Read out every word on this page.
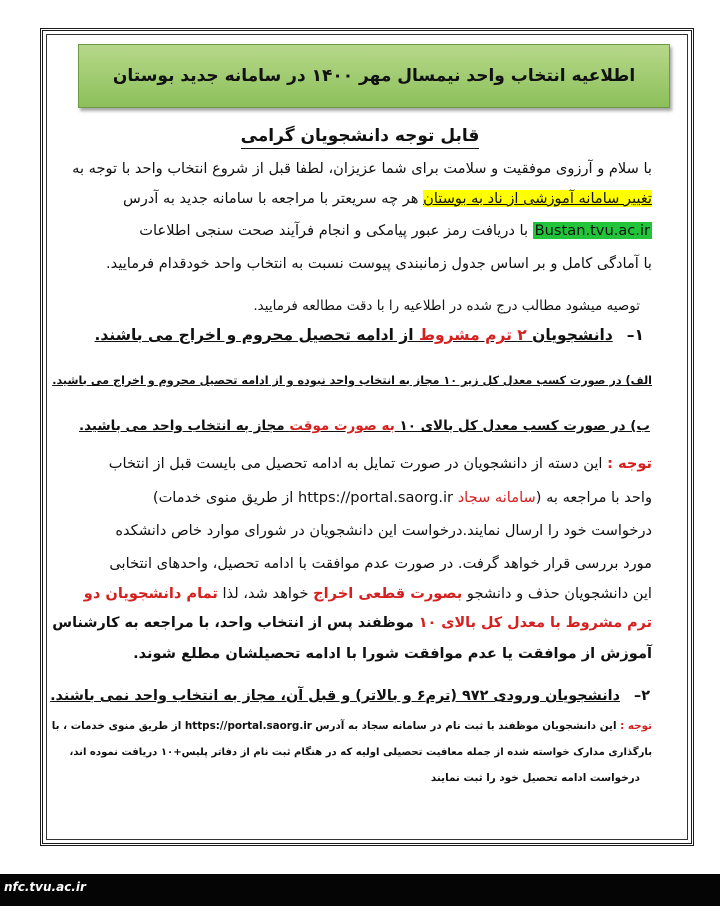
اطلاعیه انتخاب واحد نیمسال مهر ۱۴۰۰ در سامانه جدید بوستان
قابل توجه دانشجویان گرامی
با سلام و آرزوی موفقیت و سلامت برای شما عزیزان، لطفا قبل از شروع انتخاب واحد با توجه به
تغییر سامانه آموزشی از ناد به بوستان هر چه سریعتر با مراجعه با سامانه جدید به آدرس
Bustan.tvu.ac.ir با دریافت رمز عبور پیامکی و انجام فرآیند صحت سنجی اطلاعات
با آمادگی کامل و بر اساس جدول زمانبندی پیوست نسبت به انتخاب واحد خودقدام فرمایید.
توصیه میشود مطالب درج شده در اطلاعیه را با دقت مطالعه فرمایید.
۱–دانشجویان ۲ ترم مشروط از ادامه تحصیل محروم و اخراج می باشند.
الف) در صورت کسب معدل کل زیر ۱۰ مجاز به انتخاب واحد نبوده و از ادامه تحصیل محروم و اخراج می باشید.
ب) در صورت کسب معدل کل بالای ۱۰ به صورت موقت مجاز به انتخاب واحد می باشید.
توجه : این دسته از دانشجویان در صورت تمایل به ادامه تحصیل می بایست قبل از انتخاب
واحد با مراجعه به (سامانه سجاد https://portal.saorg.ir از طریق منوی خدمات)
درخواست خود را ارسال نمایند.درخواست این دانشجویان در شورای موارد خاص دانشکده
مورد بررسی قرار خواهد گرفت. در صورت عدم موافقت با ادامه تحصیل، واحدهای انتخابی
این دانشجویان حذف و دانشجو بصورت قطعی اخراج خواهد شد، لذا تمام دانشجویان دو
ترم مشروط با معدل کل بالای ۱۰ موظفند پس از انتخاب واحد، با مراجعه به کارشناس
آموزش از موافقت یا عدم موافقت شورا با ادامه تحصیلشان مطلع شوند.
۲–دانشجویان ورودی ۹۷۲ (ترم۶ و بالاتر) و قبل آن، مجاز به انتخاب واحد نمی باشند.
توجه : این دانشجویان موظفند با ثبت نام در سامانه سجاد به آدرس https://portal.saorg.ir از طریق منوی خدمات ، با
بارگذاری مدارک خواسته شده از جمله معافیت تحصیلی اولیه که در هنگام ثبت نام از دفاتر پلیس+۱۰ دریافت نموده اند،
درخواست ادامه تحصیل خود را ثبت نمایند
nfc.tvu.ac.ir
